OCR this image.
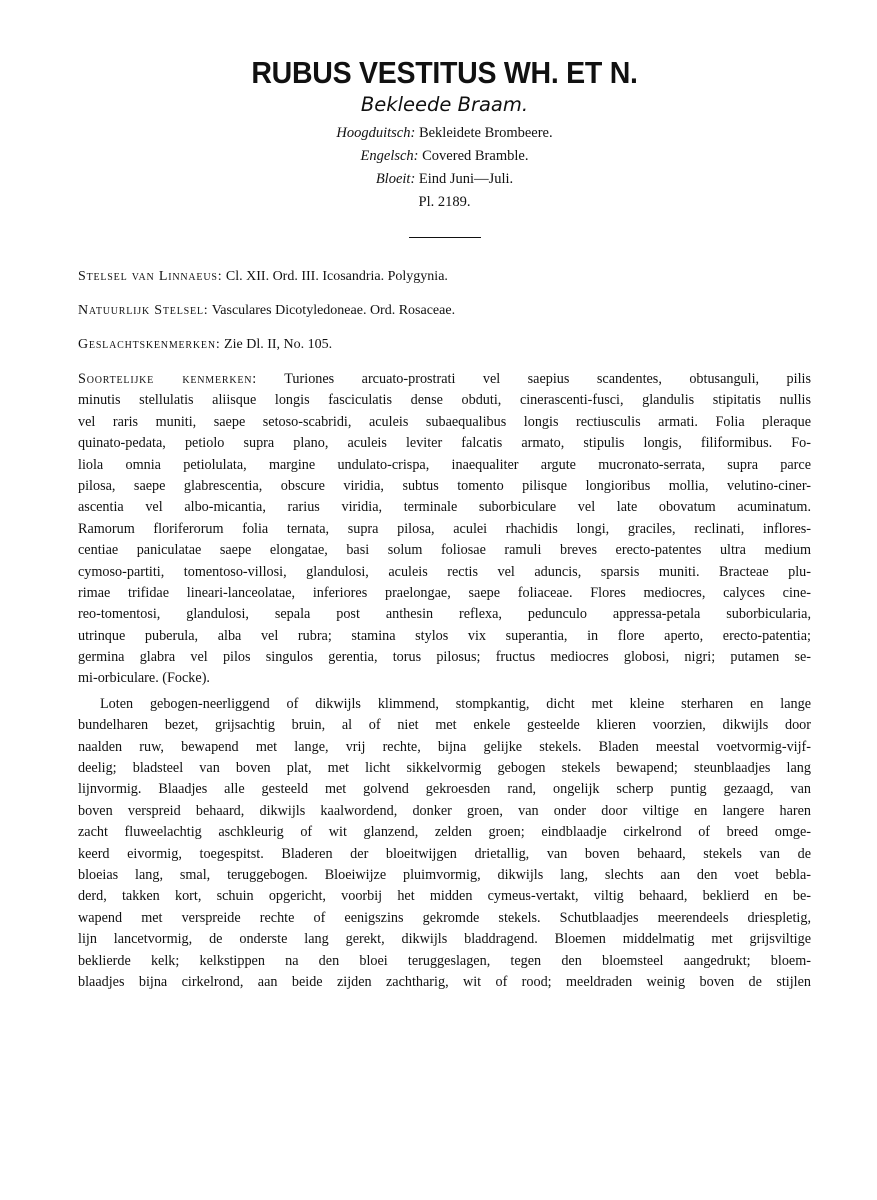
RUBUS VESTITUS WH. ET N.
Bekleede Braam.
Hoogduitsch: Bekleidete Brombeere.
Engelsch: Covered Bramble.
Bloeit: Eind Juni—Juli.
Pl. 2189.
Stelsel van Linnaeus: Cl. XII. Ord. III. Icosandria. Polygynia.
Natuurlijk Stelsel: Vasculares Dicotyledoneae. Ord. Rosaceae.
Geslachtskenmerken: Zie Dl. II, No. 105.
Soortelijke kenmerken: Turiones arcuato-prostrati vel saepius scandentes, obtusanguli, pilis
minutis stellulatis aliisque longis fasciculatis dense obduti, cinerascenti-fusci, glandulis stipitatis nullis
vel raris muniti, saepe setoso-scabridi, aculeis subaequalibus longis rectiusculis armati. Folia pleraque
quinato-pedata, petiolo supra plano, aculeis leviter falcatis armato, stipulis longis, filiformibus. Fo-
liola omnia petiolulata, margine undulato-crispa, inaequaliter argute mucronato-serrata, supra parce
pilosa, saepe glabrescentia, obscure viridia, subtus tomento pilisque longioribus mollia, velutino-ciner-
ascentia vel albo-micantia, rarius viridia, terminale suborbiculare vel late obovatum acuminatum.
Ramorum floriferorum folia ternata, supra pilosa, aculei rhachidis longi, graciles, reclinati, inflores-
centiae paniculatae saepe elongatae, basi solum foliosae ramuli breves erecto-patentes ultra medium
cymoso-partiti, tomentoso-villosi, glandulosi, aculeis rectis vel aduncis, sparsis muniti. Bracteae plu-
rimae trifidae lineari-lanceolatae, inferiores praelongae, saepe foliaceae. Flores mediocres, calyces cine-
reo-tomentosi, glandulosi, sepala post anthesin reflexa, pedunculo appressa-petala suborbicularia,
utrinque puberula, alba vel rubra; stamina stylos vix superantia, in flore aperto, erecto-patentia;
germina glabra vel pilos singulos gerentia, torus pilosus; fructus mediocres globosi, nigri; putamen se-
mi-orbiculare. (Focke).
Loten gebogen-neerliggend of dikwijls klimmend, stompkantig, dicht met kleine sterharen en lange
bundelharen bezet, grijsachtig bruin, al of niet met enkele gesteelde klieren voorzien, dikwijls door
naalden ruw, bewapend met lange, vrij rechte, bijna gelijke stekels. Bladen meestal voetvormig-vijf-
deelig; bladsteel van boven plat, met licht sikkelvormig gebogen stekels bewapend; steunblaadjes lang
lijnvormig. Blaadjes alle gesteeld met golvend gekroesden rand, ongelijk scherp puntig gezaagd, van
boven verspreid behaard, dikwijls kaalwordend, donker groen, van onder door viltige en langere haren
zacht fluweelachtig aschkleurig of wit glanzend, zelden groen; eindblaadje cirkelrond of breed omge-
keerd eivormig, toegespitst. Bladeren der bloeitwijgen drietallig, van boven behaard, stekels van de
bloeias lang, smal, teruggebogen. Bloeiwijze pluimvormig, dikwijls lang, slechts aan den voet bebla-
derd, takken kort, schuin opgericht, voorbij het midden cymeus-vertakt, viltig behaard, beklierd en be-
wapend met verspreide rechte of eenigszins gekromde stekels. Schutblaadjes meerendeels driespletig,
lijn lancetvormig, de onderste lang gerekt, dikwijls bladdragend. Bloemen middelmatig met grijsviltige
beklierde kelk; kelkstippen na den bloei teruggeslagen, tegen den bloemsteel aangedrukt; bloem-
blaadjes bijna cirkelrond, aan beide zijden zachtharig, wit of rood; meeldraden weinig boven de stijlen
